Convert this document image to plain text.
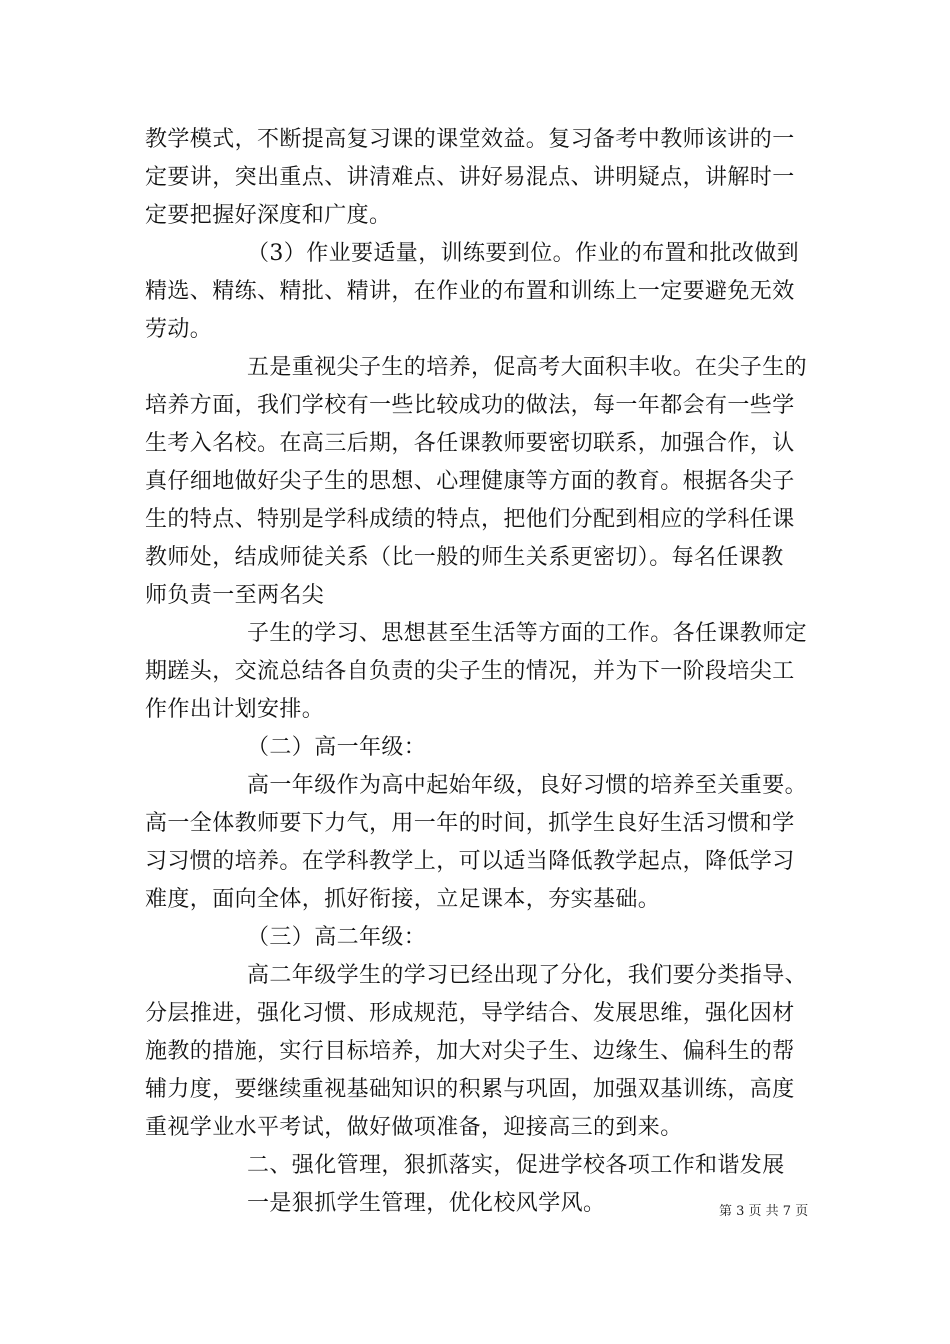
教学模式，不断提高复习课的课堂效益。复习备考中教师该讲的一
定要讲，突出重点、讲清难点、讲好易混点、讲明疑点，讲解时一
定要把握好深度和广度。
（3）作业要适量，训练要到位。作业的布置和批改做到
精选、精练、精批、精讲，在作业的布置和训练上一定要避免无效
劳动。
五是重视尖子生的培养，促高考大面积丰收。在尖子生的
培养方面，我们学校有一些比较成功的做法，每一年都会有一些学
生考入名校。在高三后期，各任课教师要密切联系，加强合作，认
真仔细地做好尖子生的思想、心理健康等方面的教育。根据各尖子
生的特点、特别是学科成绩的特点，把他们分配到相应的学科任课
教师处，结成师徒关系（比一般的师生关系更密切）。每名任课教
师负责一至两名尖
子生的学习、思想甚至生活等方面的工作。各任课教师定
期蹉头，交流总结各自负责的尖子生的情况，并为下一阶段培尖工
作作出计划安排。
（二）高一年级：
高一年级作为高中起始年级，良好习惯的培养至关重要。
高一全体教师要下力气，用一年的时间，抓学生良好生活习惯和学
习习惯的培养。在学科教学上，可以适当降低教学起点，降低学习
难度，面向全体，抓好衔接，立足课本，夯实基础。
（三）高二年级：
高二年级学生的学习已经出现了分化，我们要分类指导、
分层推进，强化习惯、形成规范，导学结合、发展思维，强化因材
施教的措施，实行目标培养，加大对尖子生、边缘生、偏科生的帮
辅力度，要继续重视基础知识的积累与巩固，加强双基训练，高度
重视学业水平考试，做好做项准备，迎接高三的到来。
二、强化管理，狠抓落实，促进学校各项工作和谐发展
一是狠抓学生管理，优化校风学风。	第 3 页 共 7 页
